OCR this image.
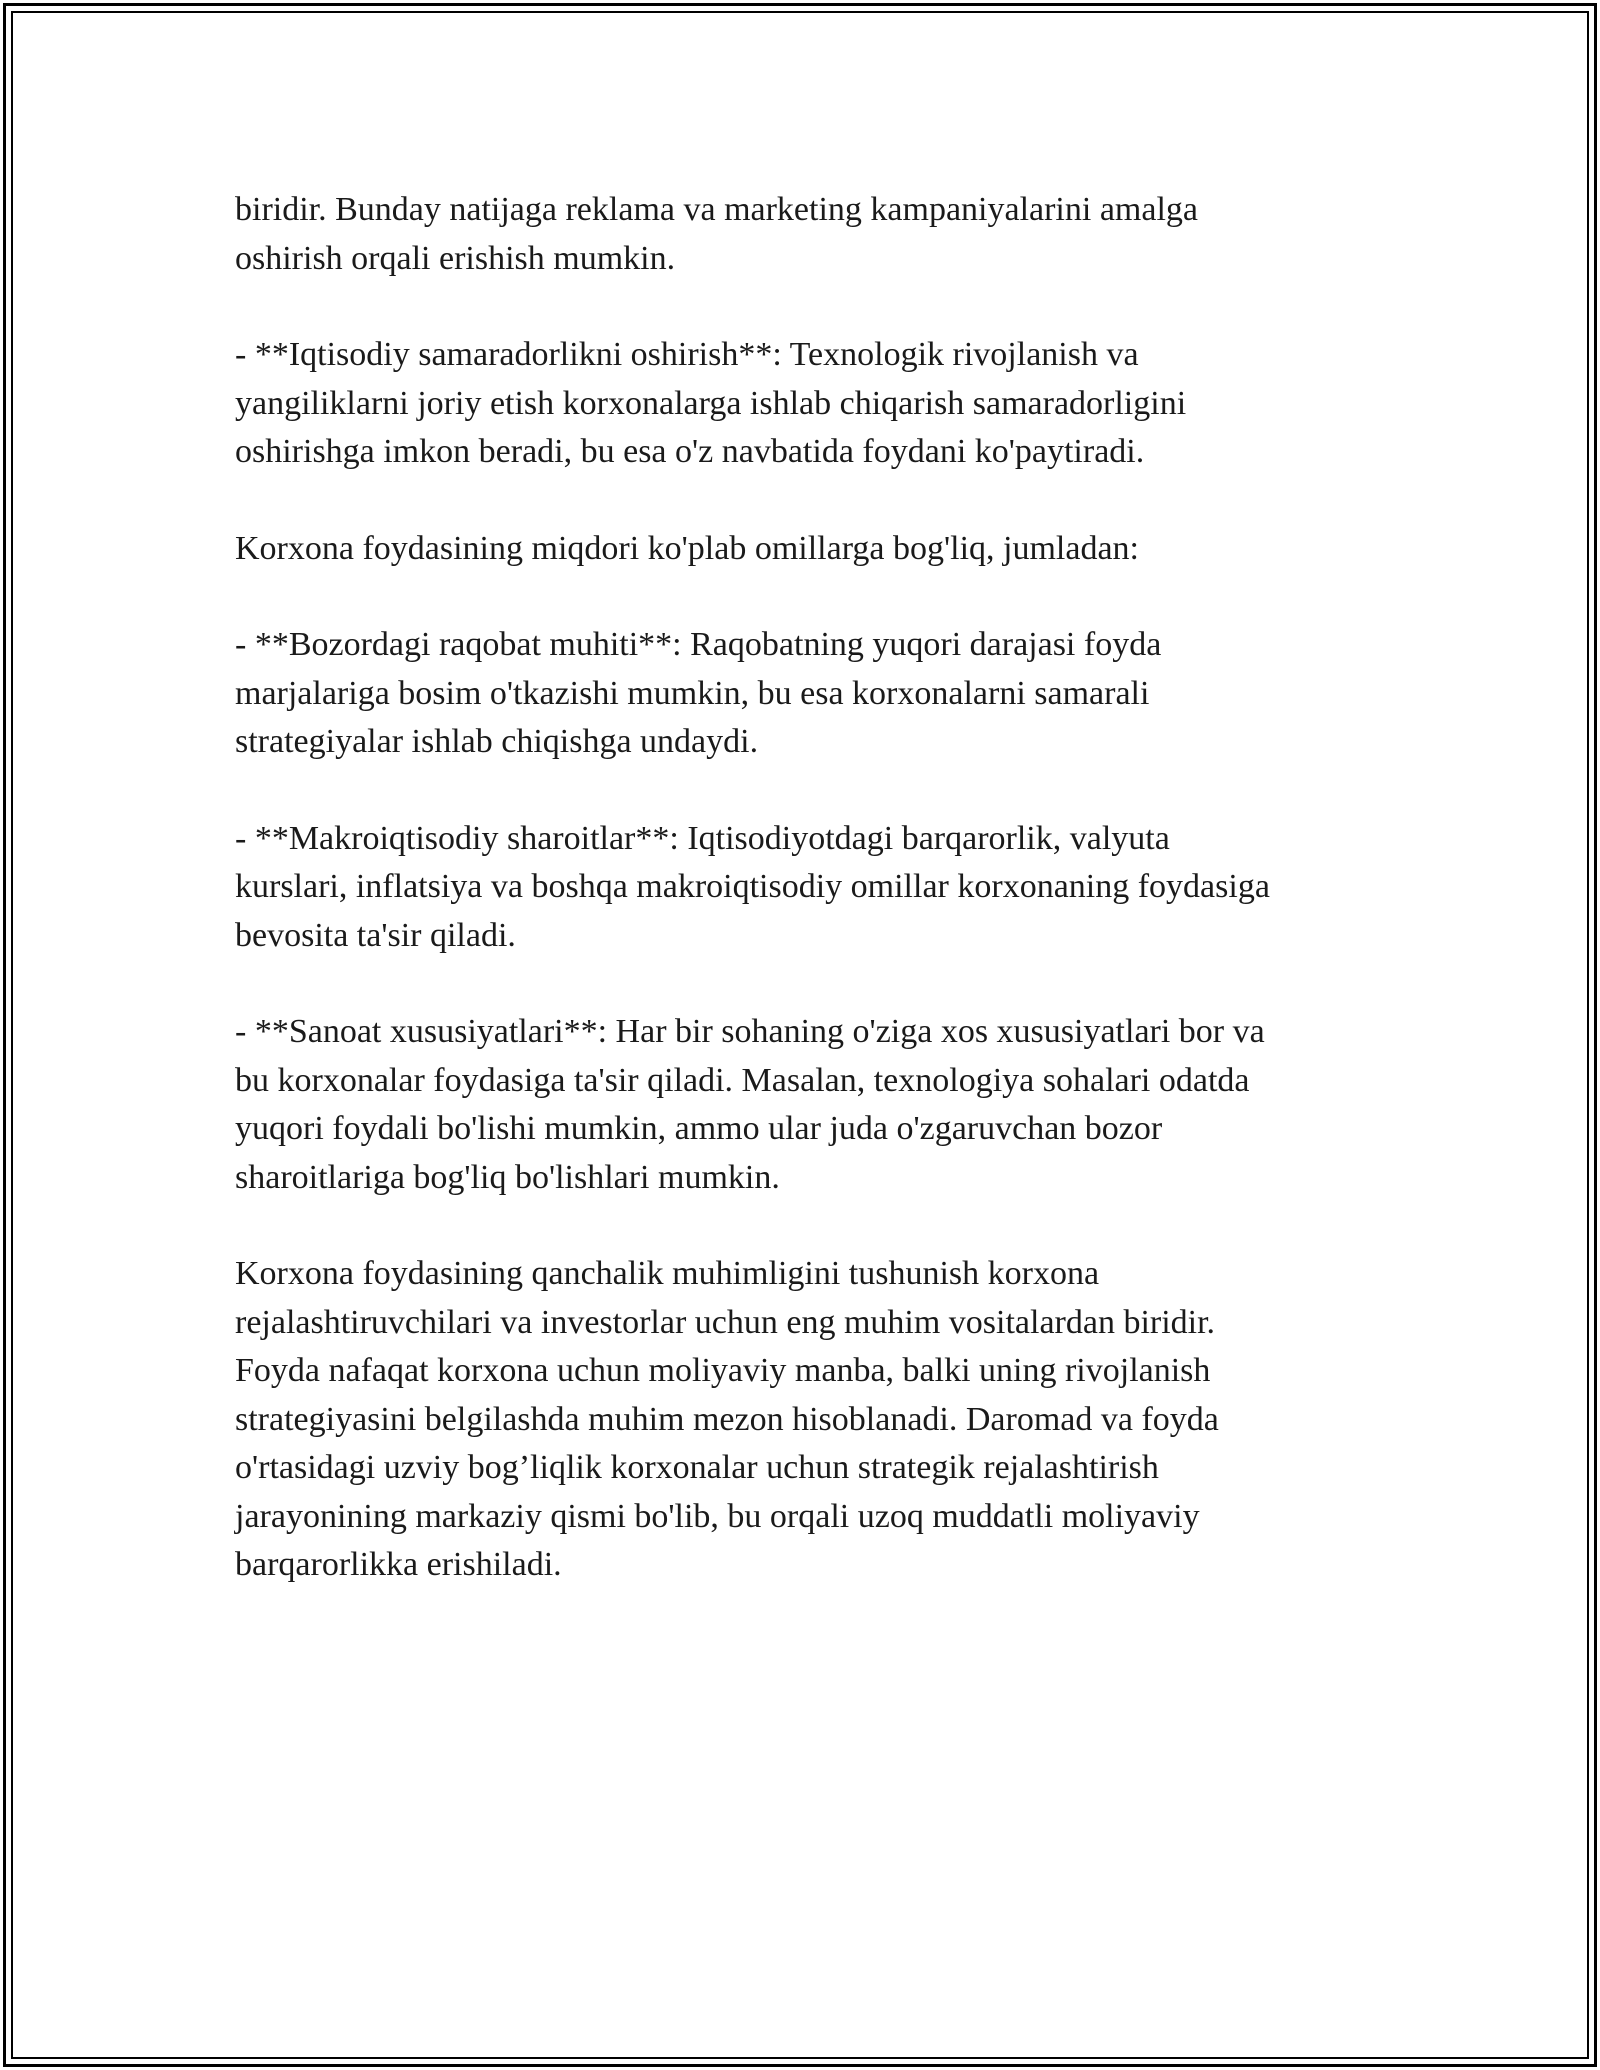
biridir. Bunday natijaga reklama va marketing kampaniyalarini amalga
oshirish orqali erishish mumkin.

- **Iqtisodiy samaradorlikni oshirish**: Texnologik rivojlanish va
yangiliklarni joriy etish korxonalarga ishlab chiqarish samaradorligini
oshirishga imkon beradi, bu esa o'z navbatida foydani ko'paytiradi.

Korxona foydasining miqdori ko'plab omillarga bog'liq, jumladan:

- **Bozordagi raqobat muhiti**: Raqobatning yuqori darajasi foyda
marjalariga bosim o'tkazishi mumkin, bu esa korxonalarni samarali
strategiyalar ishlab chiqishga undaydi.

- **Makroiqtisodiy sharoitlar**: Iqtisodiyotdagi barqarorlik, valyuta
kurslari, inflatsiya va boshqa makroiqtisodiy omillar korxonaning foydasiga
bevosita ta'sir qiladi.

- **Sanoat xususiyatlari**: Har bir sohaning o'ziga xos xususiyatlari bor va
bu korxonalar foydasiga ta'sir qiladi. Masalan, texnologiya sohalari odatda
yuqori foydali bo'lishi mumkin, ammo ular juda o'zgaruvchan bozor
sharoitlariga bog'liq bo'lishlari mumkin.

Korxona foydasining qanchalik muhimligini tushunish korxona
rejalashtiruvchilari va investorlar uchun eng muhim vositalardan biridir.
Foyda nafaqat korxona uchun moliyaviy manba, balki uning rivojlanish
strategiyasini belgilashda muhim mezon hisoblanadi. Daromad va foyda
o'rtasidagi uzviy bog’liqlik korxonalar uchun strategik rejalashtirish
jarayonining markaziy qismi bo'lib, bu orqali uzoq muddatli moliyaviy
barqarorlikka erishiladi.
